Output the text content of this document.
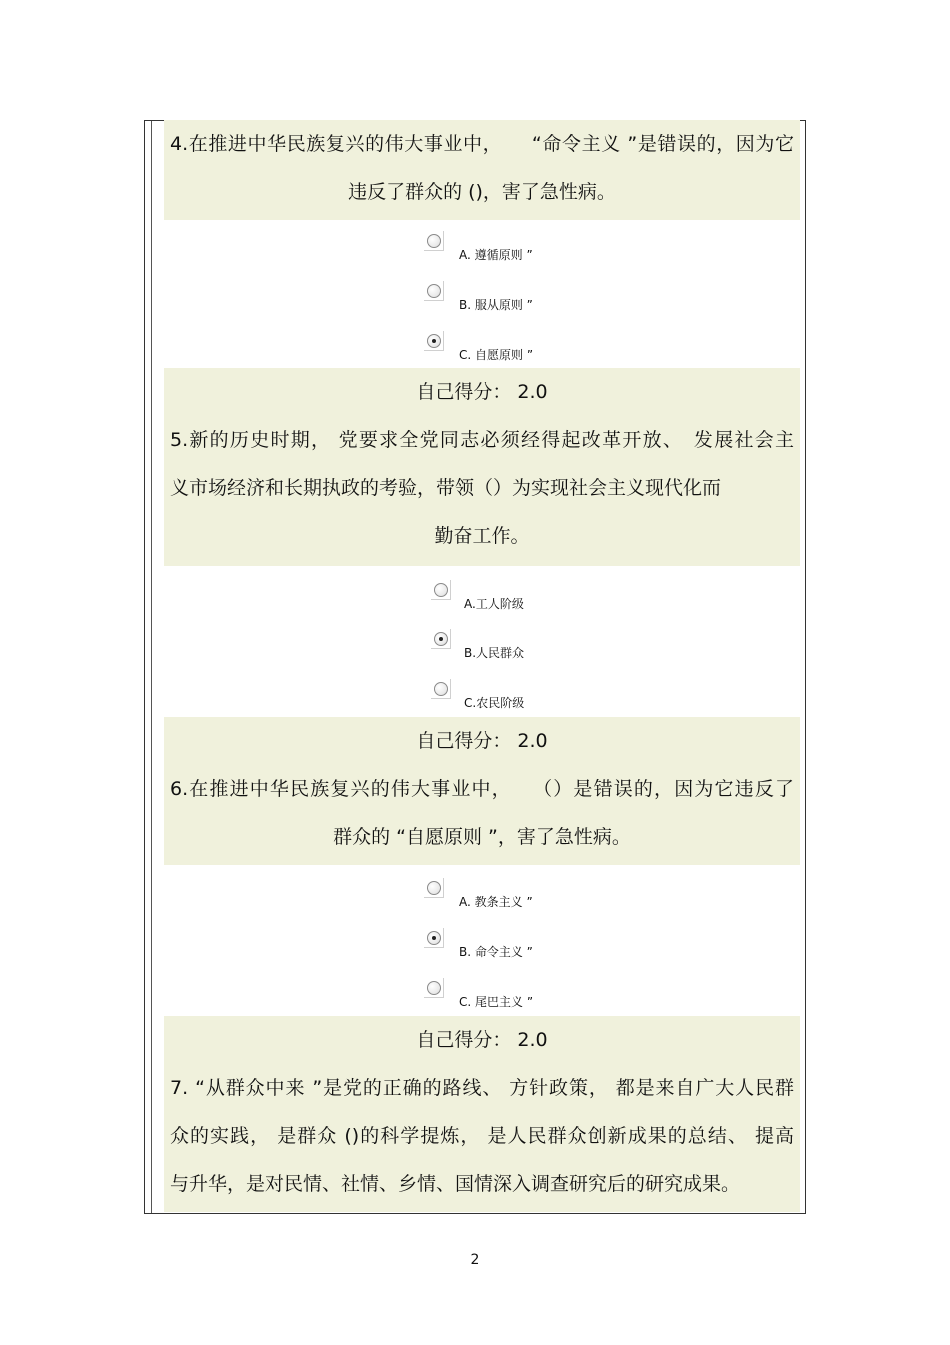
4.在推进中华民族复兴的伟大事业中，　　“命令主义 ”是错误的，因为它
违反了群众的 ()，害了急性病。
A. 遵循原则 ”
B. 服从原则 ”
C. 自愿原则 ”
自己得分： 2.0
5.新的历史时期， 党要求全党同志必须经得起改革开放、　发展社会主
义市场经济和长期执政的考验，带领（）为实现社会主义现代化而
勤奋工作。
A.工人阶级
B.人民群众
C.农民阶级
自己得分： 2.0
6.在推进中华民族复兴的伟大事业中，　　（）是错误的，因为它违反了
群众的 “自愿原则 ”，害了急性病。
A. 教条主义 ”
B. 命令主义 ”
C. 尾巴主义 ”
自己得分： 2.0
7. “从群众中来 ”是党的正确的路线、 方针政策， 都是来自广大人民群
众的实践， 是群众 ()的科学提炼， 是人民群众创新成果的总结、 提高
与升华，是对民情、社情、乡情、国情深入调查研究后的研究成果。
2
